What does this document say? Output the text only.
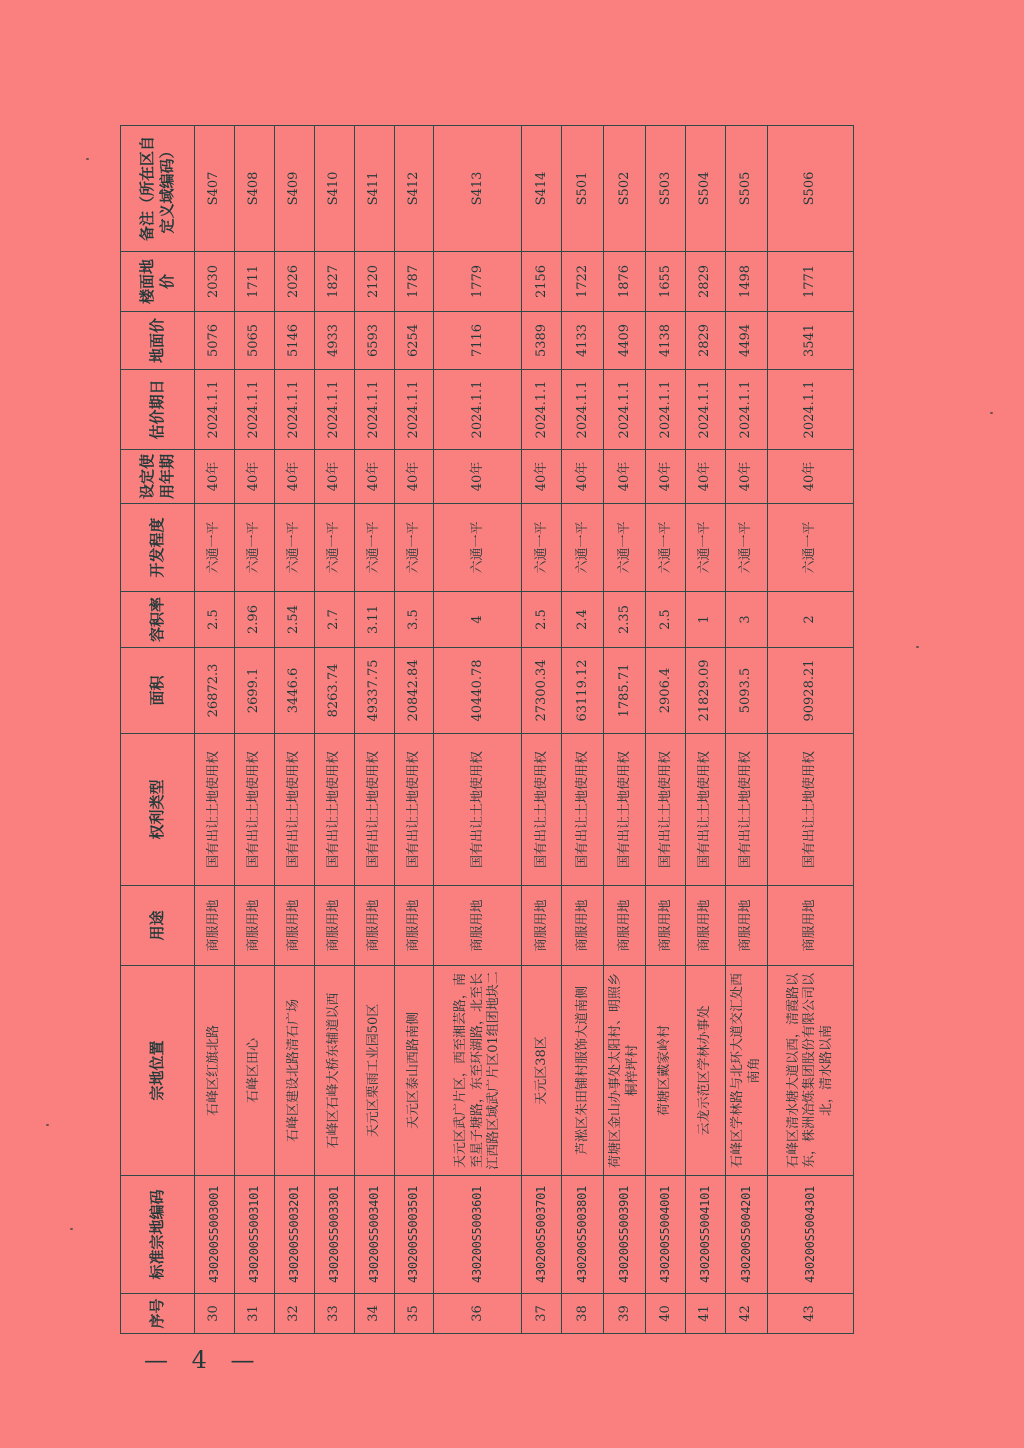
序号	标准宗地编码	宗地位置	用途	权利类型	面积	容积率	开发程度	设定使用年期	估价期日	地面价	楼面地价	备注（所在区自定义域编码）
30	430200S5003001	石峰区红旗北路	商服用地	国有出让土地使用权	26872.3	2.5	六通一平	40年	2024.1.1	5076	2030	S407
31	430200S5003101	石峰区田心	商服用地	国有出让土地使用权	2699.1	2.96	六通一平	40年	2024.1.1	5065	1711	S408
32	430200S5003201	石峰区建设北路清石广场	商服用地	国有出让土地使用权	3446.6	2.54	六通一平	40年	2024.1.1	5146	2026	S409
33	430200S5003301	石峰区石峰大桥东辅道以西	商服用地	国有出让土地使用权	8263.74	2.7	六通一平	40年	2024.1.1	4933	1827	S410
34	430200S5003401	天元区栗雨工业园50区	商服用地	国有出让土地使用权	49337.75	3.11	六通一平	40年	2024.1.1	6593	2120	S411
35	430200S5003501	天元区泰山西路南侧	商服用地	国有出让土地使用权	20842.84	3.5	六通一平	40年	2024.1.1	6254	1787	S412
36	430200S5003601	天元区武广片区，西至湘芸路，南至星子塘路，东至环湖路，北至长江西路区域武广片区01组团地块二	商服用地	国有出让土地使用权	40440.78	4	六通一平	40年	2024.1.1	7116	1779	S413
37	430200S5003701	天元区38区	商服用地	国有出让土地使用权	27300.34	2.5	六通一平	40年	2024.1.1	5389	2156	S414
38	430200S5003801	芦淞区朱田铺村服饰大道南侧	商服用地	国有出让土地使用权	63119.12	2.4	六通一平	40年	2024.1.1	4133	1722	S501
39	430200S5003901	荷塘区金山办事处太阳村、明照乡桐梓坪村	商服用地	国有出让土地使用权	1785.71	2.35	六通一平	40年	2024.1.1	4409	1876	S502
40	430200S5004001	荷塘区戴家岭村	商服用地	国有出让土地使用权	2906.4	2.5	六通一平	40年	2024.1.1	4138	1655	S503
41	430200S5004101	云龙示范区学林办事处	商服用地	国有出让土地使用权	21829.09	1	六通一平	40年	2024.1.1	2829	2829	S504
42	430200S5004201	石峰区学林路与北环大道交汇处西南角	商服用地	国有出让土地使用权	5093.5	3	六通一平	40年	2024.1.1	4494	1498	S505
43	430200S5004301	石峰区清水塘大道以西，清霞路以东，株洲冶炼集团股份有限公司以北，清水路以南	商服用地	国有出让土地使用权	90928.21	2	六通一平	40年	2024.1.1	3541	1771	S506
— 4 —
